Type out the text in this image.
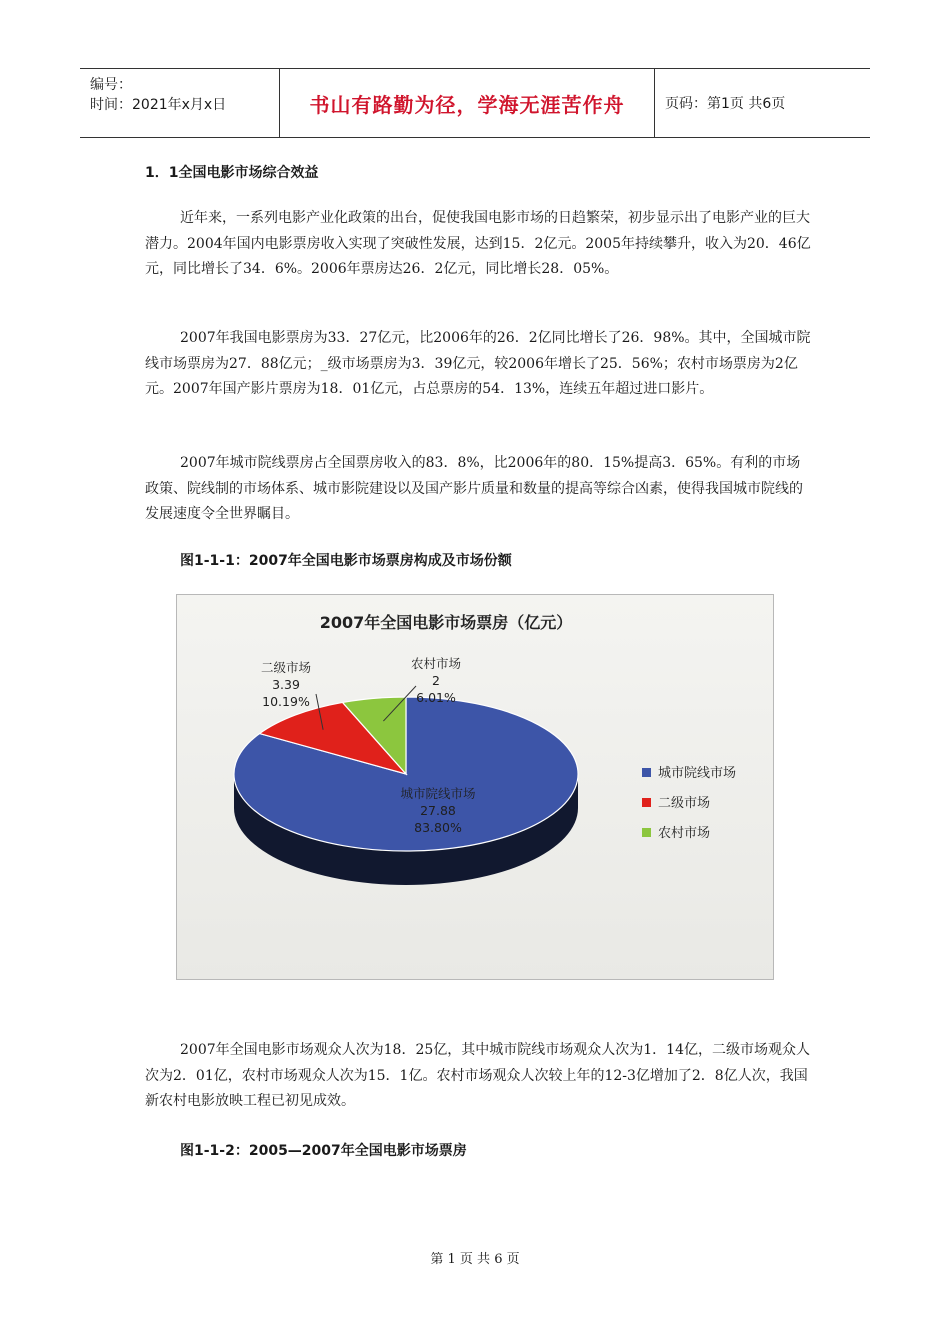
编号：
时间：2021年x月x日	书山有路勤为径，学海无涯苦作舟	页码：第1页 共6页
1．1全国电影市场综合效益

近年来，一系列电影产业化政策的出台，促使我国电影市场的日趋繁荣，初步显示出了电影产业的巨大潜力。2004年国内电影票房收入实现了突破性发展，达到15．2亿元。2005年持续攀升，收入为20．46亿元，同比增长了34．6%。2006年票房达26．2亿元，同比增长28．05%。

2007年我国电影票房为33．27亿元，比2006年的26．2亿同比增长了26．98%。其中，全国城市院线市场票房为27．88亿元；_级市场票房为3．39亿元，较2006年增长了25．56%；农村市场票房为2亿元。2007年国产影片票房为18．01亿元，占总票房的54．13%，连续五年超过进口影片。

2007年城市院线票房占全国票房收入的83．8%，比2006年的80．15%提高3．65%。有利的市场政策、院线制的市场体系、城市影院建设以及国产影片质量和数量的提高等综合凶素，使得我国城市院线的发展速度令全世界瞩目。

图1-1-1：2007年全国电影市场票房构成及市场份额
2007年全国电影市场票房（亿元）
城市院线市场
27.88
83.80%
二级市场
3.39
10.19%
农村市场
2
6.01%
城市院线市场
二级市场
农村市场

2007年全国电影市场观众人次为18．25亿，其中城市院线市场观众人次为1．14亿，二级市场观众人次为2．01亿，农村市场观众人次为15．1亿。农村市场观众人次较上年的12-3亿增加了2．8亿人次，我国新农村电影放映工程已初见成效。

图1-1-2：2005—2007年全国电影市场票房
第 1 页 共 6 页
